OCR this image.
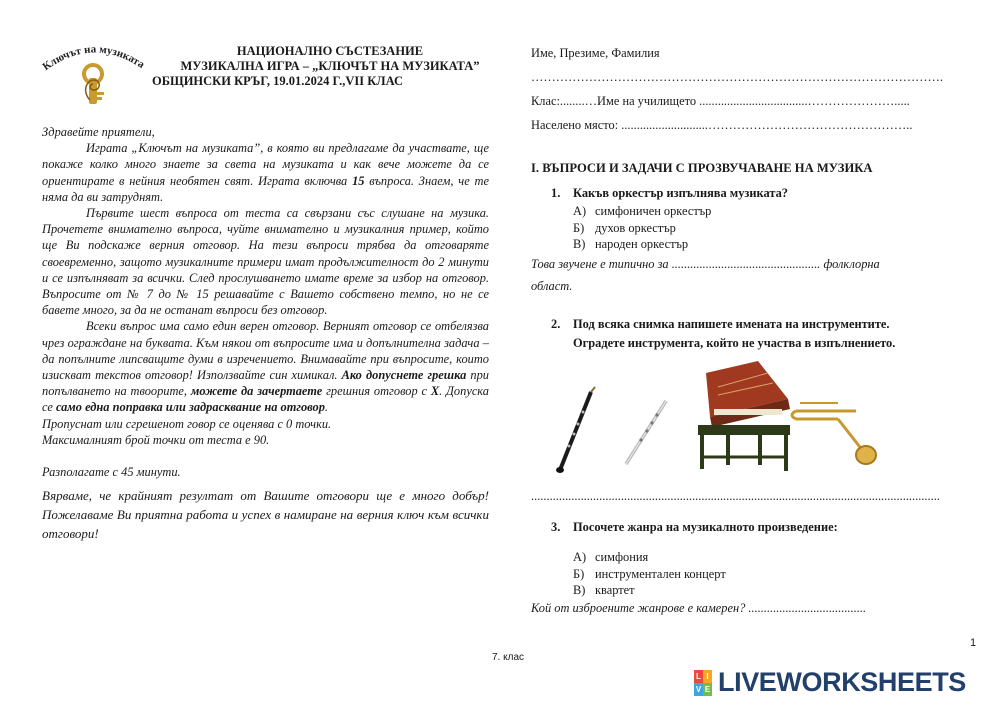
Ключът на музиката
НАЦИОНАЛНО СЪСТЕЗАНИЕ
МУЗИКАЛНА ИГРА – „КЛЮЧЪТ НА МУЗИКАТА”
ОБЩИНСКИ КРЪГ, 19.01.2024 Г.,VII КЛАС

Здравейте приятели,

Играта „Ключът на музиката”, в която ви предлагаме да участвате, ще покаже колко много знаете за света на музиката и как вече можете да се ориентирате в нейния необятен свят. Играта включва 15 въпроса. Знаем, че те няма да ви затруднят.

Първите шест въпроса от теста са свързани със слушане на музика. Прочетете внимателно въпроса, чуйте внимателно и музикалния пример, който ще Ви подскаже верния отговор. На тези въпроси трябва да отговаряте своевременно, защото музикалните примери имат продължителност до 2 минути и се изпълняват за всички. След прослушването имате време за избор на отговор. Въпросите от № 7 до № 15 решавайте с Вашето собствено темпо, но не се бавете много, за да не останат въпроси без отговор.

Всеки въпрос има само един верен отговор. Верният отговор се отбелязва чрез ограждане на буквата. Към някои от въпросите има и допълнителна задача – да попълните липсващите думи в изречението. Внимавайте при въпросите, които изискват текстов отговор! Използвайте син химикал. Ако допуснете грешка при попълването на твоорите, можете да зачертаете грешния отговор с Х. Допуска се само една поправка или задрасквание на отговор.

Пропуснат или сгрешенот говор се оценява с 0 точки.

Максималният брой точки от теста е 90.

Разполагате с 45 минути.

Вярваме, че крайният резултат от Вашите отговори ще е много добър! Пожелаваме Ви приятна работа и успех в намиране на верния ключ към всички отговори!

Име, Презиме, Фамилия
……………………………………………………………………………………….
Клас:........…Име на училището ...................................………………….....
Населено място: ............................…………………………………………..
I. ВЪПРОСИ И ЗАДАЧИ С ПРОЗВУЧАВАНЕ НА МУЗИКА
1. Какъв оркестър изпълнява музиката?
А) симфоничен оркестър
Б) духов оркестър
В) народен оркестър
Това звучене е типично за ................................................ фолклорна
област.
2. Под всяка снимка напишете имената на инструментите.
Оградете инструмента, който не участва в изпълнението.
....................................................................................................................................
3. Посочете жанра на музикалното произведение:
А) симфония
Б) инструментален концерт
В) квартет
Кой от изброените жанрове е камерен? ......................................
1
7. клас
L I
V E LIVEWORKSHEETS
